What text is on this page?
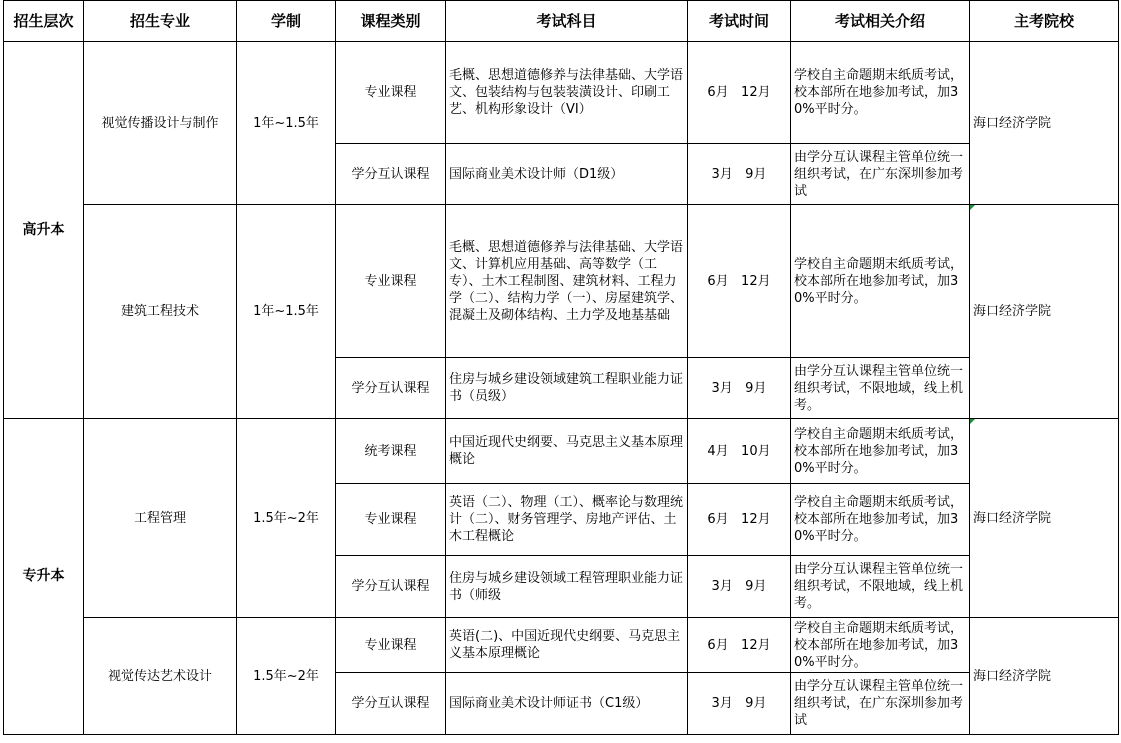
招生层次	招生专业	学制	课程类别	考试科目	考试时间	考试相关介绍	主考院校
高升本	视觉传播设计与制作	1年~1.5年	专业课程	毛概、思想道德修养与法律基础、大学语文、包装结构与包装装潢设计、印刷工艺、机构形象设计（VI）	6月   12月	学校自主命题期末纸质考试，校本部所在地参加考试，加30%平时分。	海口经济学院
			学分互认课程	国际商业美术设计师（D1级）	3月   9月	由学分互认课程主管单位统一组织考试，在广东深圳参加考试	
	建筑工程技术	1年~1.5年	专业课程	毛概、思想道德修养与法律基础、大学语文、计算机应用基础、高等数学（工专）、土木工程制图、建筑材料、工程力学（二）、结构力学（一）、房屋建筑学、混凝土及砌体结构、土力学及地基基础	6月   12月	学校自主命题期末纸质考试，校本部所在地参加考试，加30%平时分。	海口经济学院
			学分互认课程	住房与城乡建设领域建筑工程职业能力证书（员级）	3月   9月	由学分互认课程主管单位统一组织考试，不限地域，线上机考。	
专升本	工程管理	1.5年~2年	统考课程	中国近现代史纲要、马克思主义基本原理概论	4月   10月	学校自主命题期末纸质考试，校本部所在地参加考试，加30%平时分。	海口经济学院
			专业课程	英语（二）、物理（工）、概率论与数理统计（二）、财务管理学、房地产评估、土木工程概论	6月   12月	学校自主命题期末纸质考试，校本部所在地参加考试，加30%平时分。	
			学分互认课程	住房与城乡建设领域工程管理职业能力证书（师级	3月   9月	由学分互认课程主管单位统一组织考试，不限地域，线上机考。	
	视觉传达艺术设计	1.5年~2年	专业课程	英语(二)、中国近现代史纲要、马克思主义基本原理概论	6月   12月	学校自主命题期末纸质考试，校本部所在地参加考试，加30%平时分。	海口经济学院
			学分互认课程	国际商业美术设计师证书（C1级）	3月   9月	由学分互认课程主管单位统一组织考试，在广东深圳参加考试	
